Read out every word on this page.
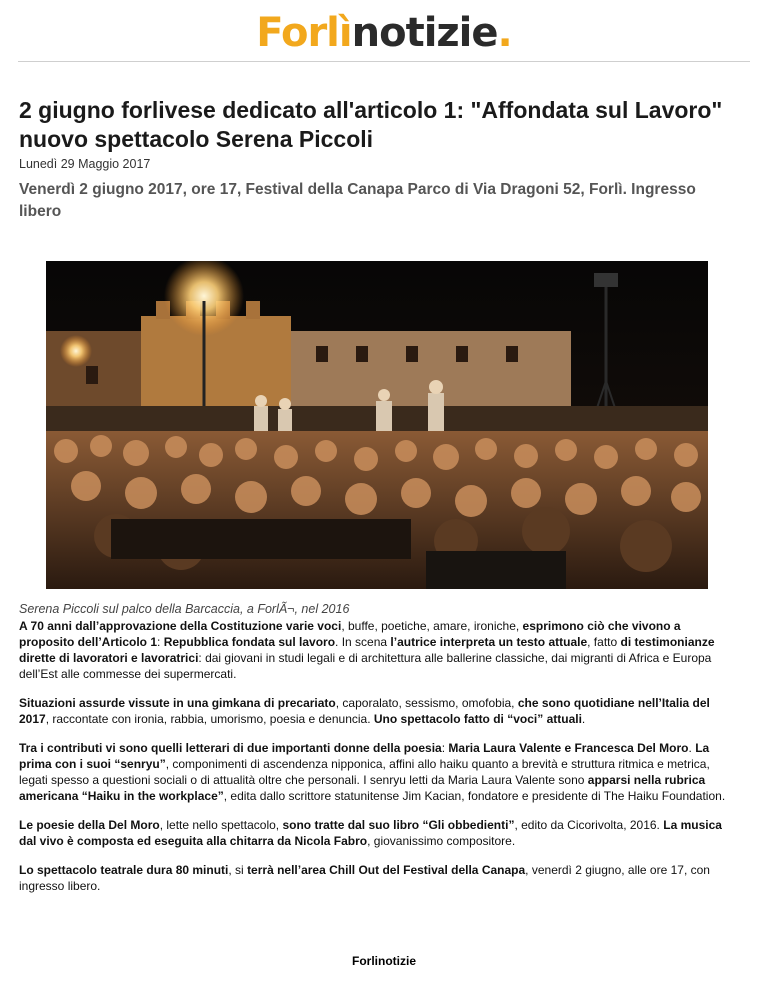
Forlìnotizie.
2 giugno forlivese dedicato all'articolo 1: "Affondata sul Lavoro" nuovo spettacolo Serena Piccoli
Lunedì 29 Maggio 2017
Venerdì 2 giugno 2017, ore 17, Festival della Canapa Parco di Via Dragoni 52, Forlì. Ingresso libero
Serena Piccoli sul palco della Barcaccia, a ForlÃ¬, nel 2016

A 70 anni dall’approvazione della Costituzione varie voci, buffe, poetiche, amare, ironiche, esprimono ciò che vivono a proposito dell’Articolo 1: Repubblica fondata sul lavoro. In scena l’autrice interpreta un testo attuale, fatto di testimonianze dirette di lavoratori e lavoratrici: dai giovani in studi legali e di architettura alle ballerine classiche, dai migranti di Africa e Europa dell’Est alle commesse dei supermercati.

Situazioni assurde vissute in una gimkana di precariato, caporalato, sessismo, omofobia, che sono quotidiane nell’Italia del 2017, raccontate con ironia, rabbia, umorismo, poesia e denuncia. Uno spettacolo fatto di “voci” attuali.

Tra i contributi vi sono quelli letterari di due importanti donne della poesia: Maria Laura Valente e Francesca Del Moro. La prima con i suoi “senryu”, componimenti di ascendenza nipponica, affini allo haiku quanto a brevità e struttura ritmica e metrica, legati spesso a questioni sociali o di attualità oltre che personali. I senryu letti da Maria Laura Valente sono apparsi nella rubrica americana “Haiku in the workplace”, edita dallo scrittore statunitense Jim Kacian, fondatore e presidente di The Haiku Foundation.

Le poesie della Del Moro, lette nello spettacolo, sono tratte dal suo libro “Gli obbedienti”, edito da Cicorivolta, 2016. La musica dal vivo è composta ed eseguita alla chitarra da Nicola Fabro, giovanissimo compositore.

Lo spettacolo teatrale dura 80 minuti, si terrà nell’area Chill Out del Festival della Canapa, venerdì 2 giugno, alle ore 17, con ingresso libero.

Forlinotizie
